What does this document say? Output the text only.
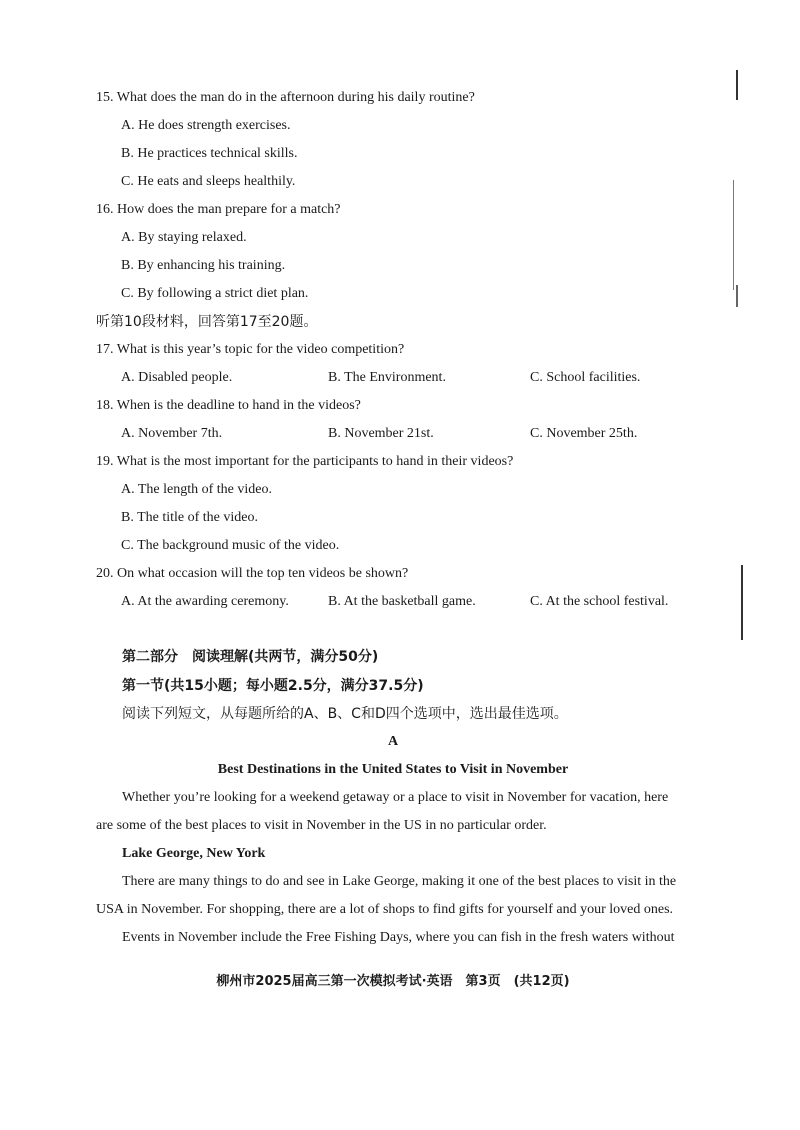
15. What does the man do in the afternoon during his daily routine?
A. He does strength exercises.
B. He practices technical skills.
C. He eats and sleeps healthily.
16. How does the man prepare for a match?
A. By staying relaxed.
B. By enhancing his training.
C. By following a strict diet plan.
听第10段材料，回答第17至20题。
17. What is this year’s topic for the video competition?
A. Disabled people.	B. The Environment.	C. School facilities.
18. When is the deadline to hand in the videos?
A. November 7th.	B. November 21st.	C. November 25th.
19. What is the most important for the participants to hand in their videos?
A. The length of the video.
B. The title of the video.
C. The background music of the video.
20. On what occasion will the top ten videos be shown?
A. At the awarding ceremony.	B. At the basketball game.	C. At the school festival.
第二部分　阅读理解(共两节，满分50分)
第一节(共15小题；每小题2.5分，满分37.5分)
阅读下列短文，从每题所给的A、B、C和D四个选项中，选出最佳选项。
A
Best Destinations in the United States to Visit in November
Whether you’re looking for a weekend getaway or a place to visit in November for vacation, here
are some of the best places to visit in November in the US in no particular order.
Lake George, New York
There are many things to do and see in Lake George, making it one of the best places to visit in the
USA in November. For shopping, there are a lot of shops to find gifts for yourself and your loved ones.
Events in November include the Free Fishing Days, where you can fish in the fresh waters without
柳州市2025届高三第一次模拟考试·英语　第3页　(共12页)
